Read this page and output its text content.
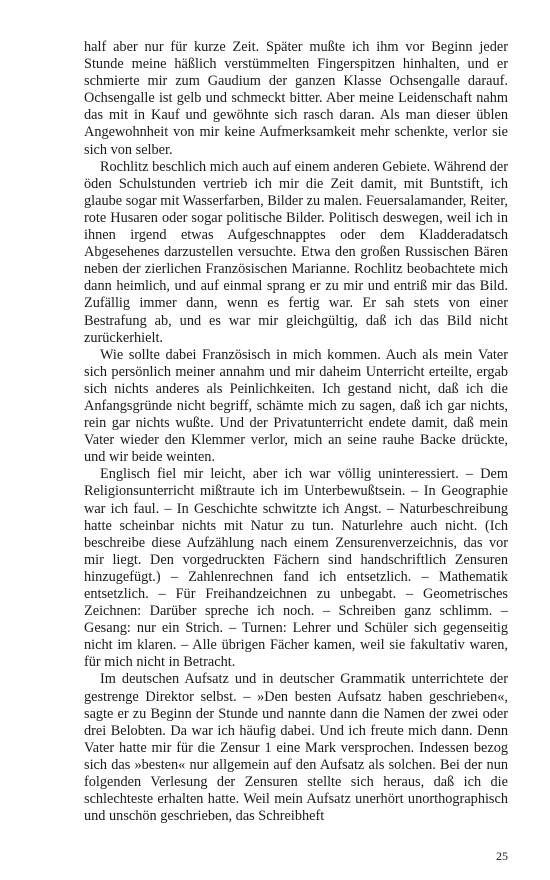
half aber nur für kurze Zeit. Später mußte ich ihm vor Beginn jeder Stunde meine häßlich verstümmelten Fingerspitzen hinhalten, und er schmierte mir zum Gaudium der ganzen Klasse Ochsengalle darauf. Ochsengalle ist gelb und schmeckt bitter. Aber meine Leidenschaft nahm das mit in Kauf und gewöhnte sich rasch daran. Als man dieser üblen Angewohnheit von mir keine Aufmerksamkeit mehr schenkte, verlor sie sich von selber.

Rochlitz beschlich mich auch auf einem anderen Gebiete. Während der öden Schulstunden vertrieb ich mir die Zeit damit, mit Buntstift, ich glaube sogar mit Wasserfarben, Bilder zu malen. Feuersalamander, Reiter, rote Husaren oder sogar politische Bilder. Politisch deswegen, weil ich in ihnen irgend etwas Aufgeschnapptes oder dem Kladderadatsch Abgesehenes darzustellen versuchte. Etwa den großen Russischen Bären neben der zierlichen Französischen Marianne. Rochlitz beobachtete mich dann heimlich, und auf einmal sprang er zu mir und entriß mir das Bild. Zufällig immer dann, wenn es fertig war. Er sah stets von einer Bestrafung ab, und es war mir gleichgültig, daß ich das Bild nicht zurückerhielt.

Wie sollte dabei Französisch in mich kommen. Auch als mein Vater sich persönlich meiner annahm und mir daheim Unterricht erteilte, ergab sich nichts anderes als Peinlichkeiten. Ich gestand nicht, daß ich die Anfangsgründe nicht begriff, schämte mich zu sagen, daß ich gar nichts, rein gar nichts wußte. Und der Privatunterricht endete damit, daß mein Vater wieder den Klemmer verlor, mich an seine rauhe Backe drückte, und wir beide weinten.

Englisch fiel mir leicht, aber ich war völlig uninteressiert. – Dem Religionsunterricht mißtraute ich im Unterbewußtsein. – In Geographie war ich faul. – In Geschichte schwitzte ich Angst. – Naturbeschreibung hatte scheinbar nichts mit Natur zu tun. Naturlehre auch nicht. (Ich beschreibe diese Aufzählung nach einem Zensurenverzeichnis, das vor mir liegt. Den vorgedruckten Fächern sind handschriftlich Zensuren hinzugefügt.) – Zahlenrechnen fand ich entsetzlich. – Mathematik entsetzlich. – Für Freihandzeichnen zu unbegabt. – Geometrisches Zeichnen: Darüber spreche ich noch. – Schreiben ganz schlimm. – Gesang: nur ein Strich. – Turnen: Lehrer und Schüler sich gegenseitig nicht im klaren. – Alle übrigen Fächer kamen, weil sie fakultativ waren, für mich nicht in Betracht.

Im deutschen Aufsatz und in deutscher Grammatik unterrichtete der gestrenge Direktor selbst. – »Den besten Aufsatz haben geschrieben«, sagte er zu Beginn der Stunde und nannte dann die Namen der zwei oder drei Belobten. Da war ich häufig dabei. Und ich freute mich dann. Denn Vater hatte mir für die Zensur 1 eine Mark versprochen. Indessen bezog sich das »besten« nur allgemein auf den Aufsatz als solchen. Bei der nun folgenden Verlesung der Zensuren stellte sich heraus, daß ich die schlechteste erhalten hatte. Weil mein Aufsatz unerhört unorthographisch und unschön geschrieben, das Schreibheft

25
